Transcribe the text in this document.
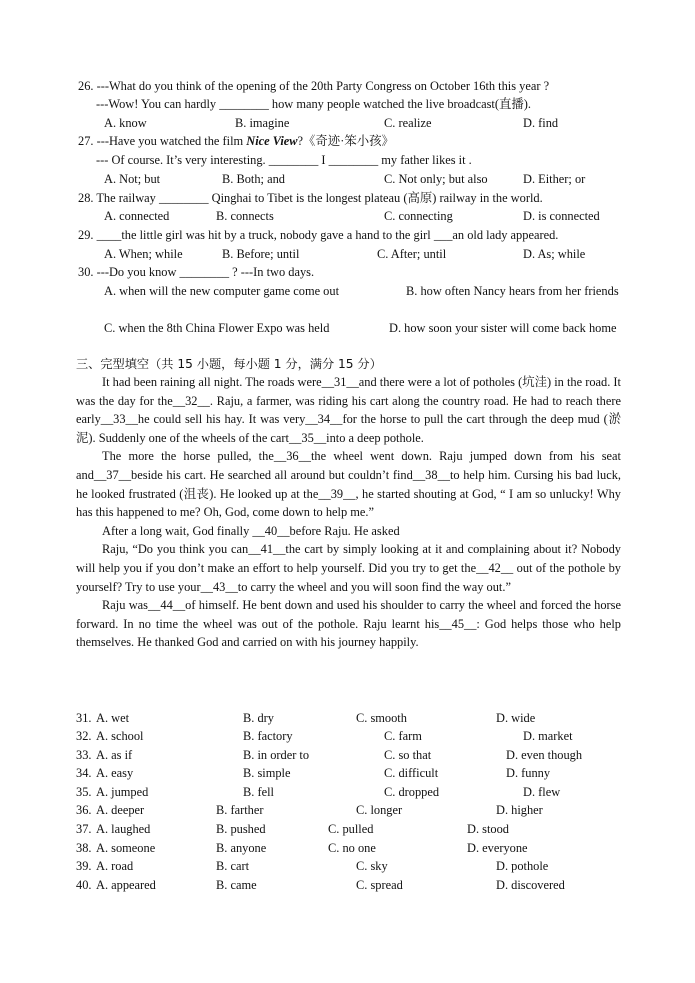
26. ---What do you think of the opening of the 20th Party Congress on October 16th this year ?
---Wow! You can hardly ________ how many people watched the live broadcast(直播).
A. know	B. imagine	C. realize	D. find
27. ---Have you watched the film Nice View?《奇迹·笨小孩》
--- Of course. It’s very interesting. ________ I ________ my father likes it .
A. Not; but	B. Both; and	C. Not only; but also	D. Either; or
28. The railway ________ Qinghai to Tibet is the longest plateau (高原) railway in the world.
A. connected	B. connects	C. connecting	D. is connected
29. ____the little girl was hit by a truck, nobody gave a hand to the girl ___an old lady appeared.
A. When; while	B. Before; until	C. After; until	D. As; while
30. ---Do you know ________ ? ---In two days.
A. when will the new computer game come out	B. how often Nancy hears from her friends
C. when the 8th China Flower Expo was held	D. how soon your sister will come back home
三、完型填空（共 15 小题，每小题 1 分，满分 15 分）

It had been raining all night. The roads were__31__and there were a lot of potholes (坑洼) in the road. It was the day for the__32__. Raju, a farmer, was riding his cart along the country road. He had to reach there early__33__he could sell his hay. It was very__34__for the horse to pull the cart through the deep mud (淤泥). Suddenly one of the wheels of the cart__35__into a deep pothole.

The more the horse pulled, the__36__the wheel went down. Raju jumped down from his seat and__37__beside his cart. He searched all around but couldn’t find__38__to help him. Cursing his bad luck, he looked frustrated (沮丧). He looked up at the__39__, he started shouting at God, “ I am so unlucky! Why has this happened to me? Oh, God, come down to help me.”

After a long wait, God finally __40__before Raju. He asked

Raju, “Do you think you can__41__the cart by simply looking at it and complaining about it? Nobody will help you if you don’t make an effort to help yourself. Did you try to get the__42__ out of the pothole by yourself? Try to use your__43__to carry the wheel and you will soon find the way out.”

Raju was__44__of himself. He bent down and used his shoulder to carry the wheel and forced the horse forward. In no time the wheel was out of the pothole. Raju learnt his__45__: God helps those who help themselves. He thanked God and carried on with his journey happily.

31. A. wet	B. dry	C. smooth	D. wide
32. A. school	B. factory	C. farm	D. market
33. A. as if	B. in order to	C. so that	D. even though
34. A. easy	B. simple	C. difficult	D. funny
35. A. jumped	B. fell	C. dropped	D. flew
36. A. deeper	B. farther	C. longer	D. higher
37. A. laughed	B. pushed	C. pulled	D. stood
38. A. someone	B. anyone	C. no one	D. everyone
39. A. road	B. cart	C. sky	D. pothole
40. A. appeared	B. came	C. spread	D. discovered
